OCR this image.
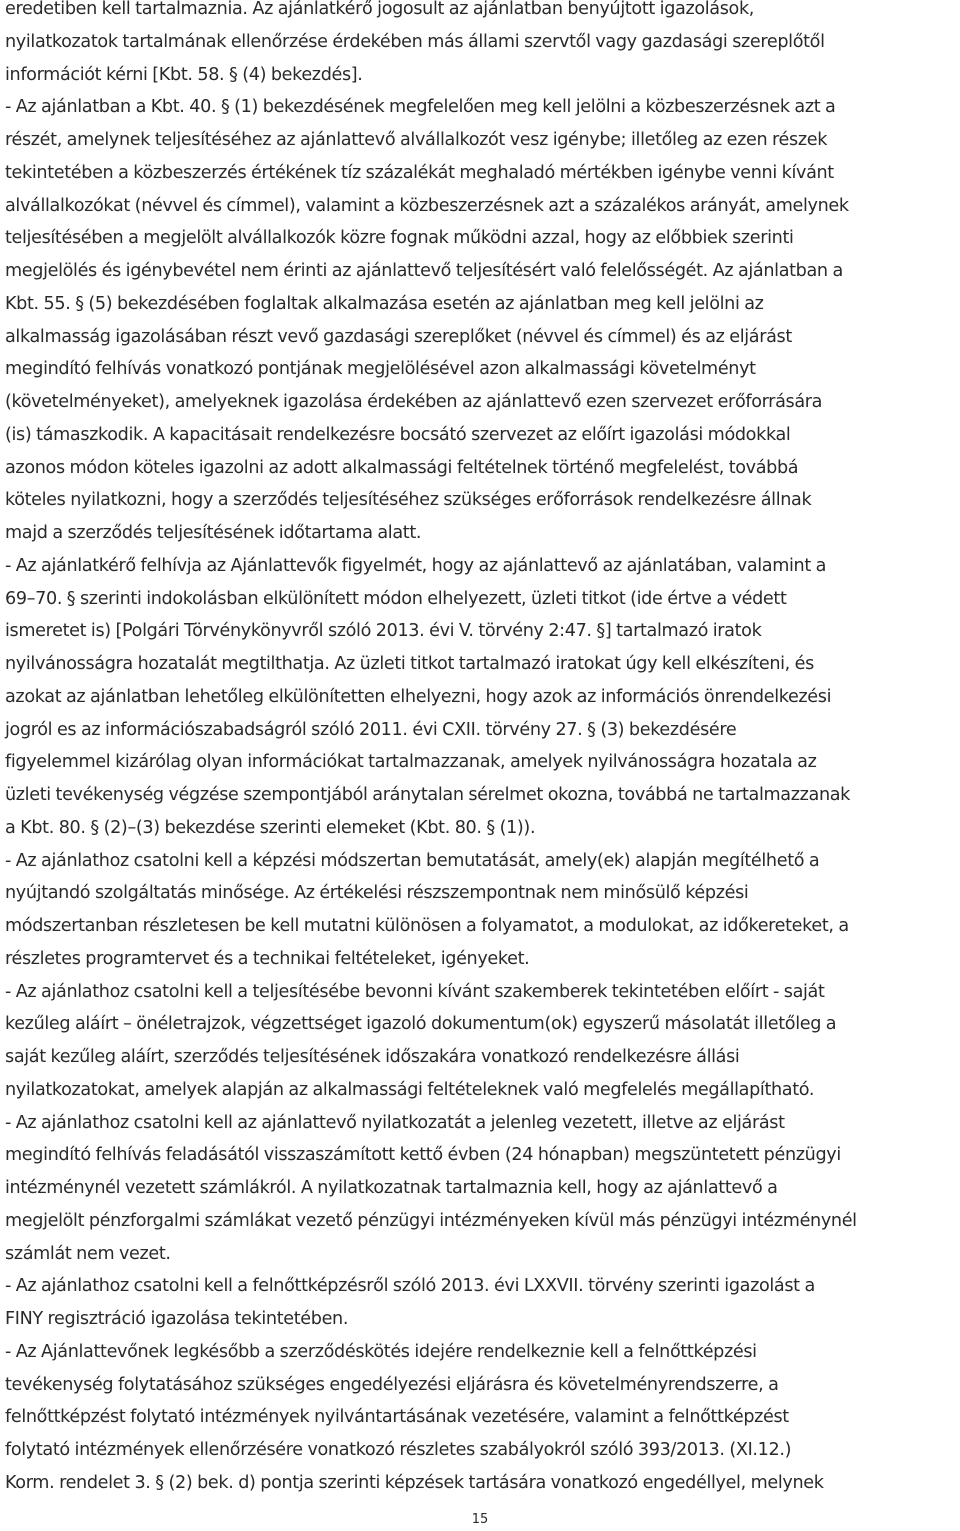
eredetiben kell tartalmaznia. Az ajánlatkérő jogosult az ajánlatban benyújtott igazolások,
nyilatkozatok tartalmának ellenőrzése érdekében más állami szervtől vagy gazdasági szereplőtől
információt kérni [Kbt. 58. § (4) bekezdés].
- Az ajánlatban a Kbt. 40. § (1) bekezdésének megfelelően meg kell jelölni a közbeszerzésnek azt a
részét, amelynek teljesítéséhez az ajánlattevő alvállalkozót vesz igénybe; illetőleg az ezen részek
tekintetében a közbeszerzés értékének tíz százalékát meghaladó mértékben igénybe venni kívánt
alvállalkozókat (névvel és címmel), valamint a közbeszerzésnek azt a százalékos arányát, amelynek
teljesítésében a megjelölt alvállalkozók közre fognak működni azzal, hogy az előbbiek szerinti
megjelölés és igénybevétel nem érinti az ajánlattevő teljesítésért való felelősségét. Az ajánlatban a
Kbt. 55. § (5) bekezdésében foglaltak alkalmazása esetén az ajánlatban meg kell jelölni az
alkalmasság igazolásában részt vevő gazdasági szereplőket (névvel és címmel) és az eljárást
megindító felhívás vonatkozó pontjának megjelölésével azon alkalmassági követelményt
(követelményeket), amelyeknek igazolása érdekében az ajánlattevő ezen szervezet erőforrására
(is) támaszkodik. A kapacitásait rendelkezésre bocsátó szervezet az előírt igazolási módokkal
azonos módon köteles igazolni az adott alkalmassági feltételnek történő megfelelést, továbbá
köteles nyilatkozni, hogy a szerződés teljesítéséhez szükséges erőforrások rendelkezésre állnak
majd a szerződés teljesítésének időtartama alatt.
- Az ajánlatkérő felhívja az Ajánlattevők figyelmét, hogy az ajánlattevő az ajánlatában, valamint a
69–70. § szerinti indokolásban elkülönített módon elhelyezett, üzleti titkot (ide értve a védett
ismeretet is) [Polgári Törvénykönyvről szóló 2013. évi V. törvény 2:47. §] tartalmazó iratok
nyilvánosságra hozatalát megtilthatja. Az üzleti titkot tartalmazó iratokat úgy kell elkészíteni, és
azokat az ajánlatban lehetőleg elkülönítetten elhelyezni, hogy azok az információs önrendelkezési
jogról es az információszabadságról szóló 2011. évi CXII. törvény 27. § (3) bekezdésére
figyelemmel kizárólag olyan információkat tartalmazzanak, amelyek nyilvánosságra hozatala az
üzleti tevékenység végzése szempontjából aránytalan sérelmet okozna, továbbá ne tartalmazzanak
a Kbt. 80. § (2)–(3) bekezdése szerinti elemeket (Kbt. 80. § (1)).
- Az ajánlathoz csatolni kell a képzési módszertan bemutatását, amely(ek) alapján megítélhető a
nyújtandó szolgáltatás minősége. Az értékelési részszempontnak nem minősülő képzési
módszertanban részletesen be kell mutatni különösen a folyamatot, a modulokat, az időkereteket, a
részletes programtervet és a technikai feltételeket, igényeket.
- Az ajánlathoz csatolni kell a teljesítésébe bevonni kívánt szakemberek tekintetében előírt - saját
kezűleg aláírt – önéletrajzok, végzettséget igazoló dokumentum(ok) egyszerű másolatát illetőleg a
saját kezűleg aláírt, szerződés teljesítésének időszakára vonatkozó rendelkezésre állási
nyilatkozatokat, amelyek alapján az alkalmassági feltételeknek való megfelelés megállapítható.
- Az ajánlathoz csatolni kell az ajánlattevő nyilatkozatát a jelenleg vezetett, illetve az eljárást
megindító felhívás feladásától visszaszámított kettő évben (24 hónapban) megszüntetett pénzügyi
intézménynél vezetett számlákról. A nyilatkozatnak tartalmaznia kell, hogy az ajánlattevő a
megjelölt pénzforgalmi számlákat vezető pénzügyi intézményeken kívül más pénzügyi intézménynél
számlát nem vezet.
- Az ajánlathoz csatolni kell a felnőttképzésről szóló 2013. évi LXXVII. törvény szerinti igazolást a
FINY regisztráció igazolása tekintetében.
- Az Ajánlattevőnek legkésőbb a szerződéskötés idejére rendelkeznie kell a felnőttképzési
tevékenység folytatásához szükséges engedélyezési eljárásra és követelményrendszerre, a
felnőttképzést folytató intézmények nyilvántartásának vezetésére, valamint a felnőttképzést
folytató intézmények ellenőrzésére vonatkozó részletes szabályokról szóló 393/2013. (XI.12.)
Korm. rendelet 3. § (2) bek. d) pontja szerinti képzések tartására vonatkozó engedéllyel, melynek
15
